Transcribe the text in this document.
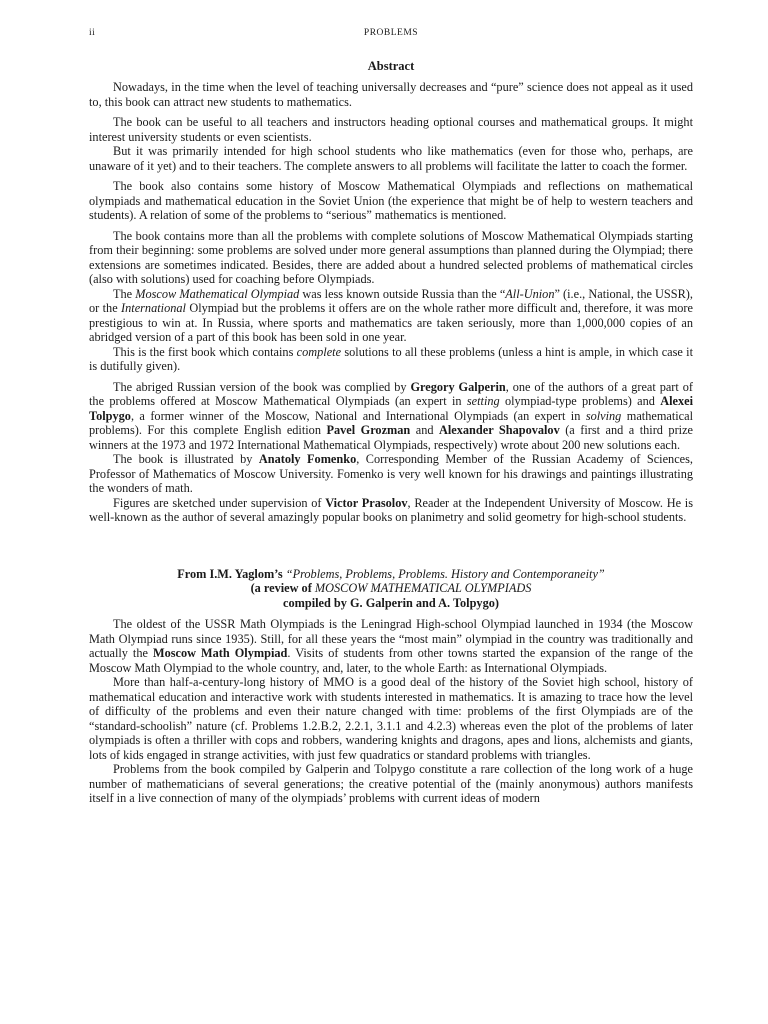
ii	PROBLEMS
Abstract

Nowadays, in the time when the level of teaching universally decreases and “pure” science does not appeal as it used to, this book can attract new students to mathematics.

The book can be useful to all teachers and instructors heading optional courses and mathematical groups. It might interest university students or even scientists.

But it was primarily intended for high school students who like mathematics (even for those who, perhaps, are unaware of it yet) and to their teachers. The complete answers to all problems will facilitate the latter to coach the former.

The book also contains some history of Moscow Mathematical Olympiads and reflections on mathematical olympiads and mathematical education in the Soviet Union (the experience that might be of help to western teachers and students). A relation of some of the problems to “serious” mathematics is mentioned.

The book contains more than all the problems with complete solutions of Moscow Mathematical Olympiads starting from their beginning: some problems are solved under more general assumptions than planned during the Olympiad; there extensions are sometimes indicated. Besides, there are added about a hundred selected problems of mathematical circles (also with solutions) used for coaching before Olympiads.

The Moscow Mathematical Olympiad was less known outside Russia than the “All-Union” (i.e., National, the USSR), or the International Olympiad but the problems it offers are on the whole rather more difficult and, therefore, it was more prestigious to win at. In Russia, where sports and mathematics are taken seriously, more than 1,000,000 copies of an abridged version of a part of this book has been sold in one year.

This is the first book which contains complete solutions to all these problems (unless a hint is ample, in which case it is dutifully given).

The abriged Russian version of the book was complied by Gregory Galperin, one of the authors of a great part of the problems offered at Moscow Mathematical Olympiads (an expert in setting olympiad-type problems) and Alexei Tolpygo, a former winner of the Moscow, National and International Olympiads (an expert in solving mathematical problems). For this complete English edition Pavel Grozman and Alexander Shapovalov (a first and a third prize winners at the 1973 and 1972 International Mathematical Olympiads, respectively) wrote about 200 new solutions each.

The book is illustrated by Anatoly Fomenko, Corresponding Member of the Russian Academy of Sciences, Professor of Mathematics of Moscow University. Fomenko is very well known for his drawings and paintings illustrating the wonders of math.

Figures are sketched under supervision of Victor Prasolov, Reader at the Independent University of Moscow. He is well-known as the author of several amazingly popular books on planimetry and solid geometry for high-school students.

From I.M. Yaglom’s “Problems, Problems, Problems. History and Contemporaneity”
(a review of MOSCOW MATHEMATICAL OLYMPIADS
compiled by G. Galperin and A. Tolpygo)

The oldest of the USSR Math Olympiads is the Leningrad High-school Olympiad launched in 1934 (the Moscow Math Olympiad runs since 1935). Still, for all these years the “most main” olympiad in the country was traditionally and actually the Moscow Math Olympiad. Visits of students from other towns started the expansion of the range of the Moscow Math Olympiad to the whole country, and, later, to the whole Earth: as International Olympiads.

More than half-a-century-long history of MMO is a good deal of the history of the Soviet high school, history of mathematical education and interactive work with students interested in mathematics. It is amazing to trace how the level of difficulty of the problems and even their nature changed with time: problems of the first Olympiads are of the “standard-schoolish” nature (cf. Problems 1.2.B.2, 2.2.1, 3.1.1 and 4.2.3) whereas even the plot of the problems of later olympiads is often a thriller with cops and robbers, wandering knights and dragons, apes and lions, alchemists and giants, lots of kids engaged in strange activities, with just few quadratics or standard problems with triangles.

Problems from the book compiled by Galperin and Tolpygo constitute a rare collection of the long work of a huge number of mathematicians of several generations; the creative potential of the (mainly anonymous) authors manifests itself in a live connection of many of the olympiads’ problems with current ideas of modern
